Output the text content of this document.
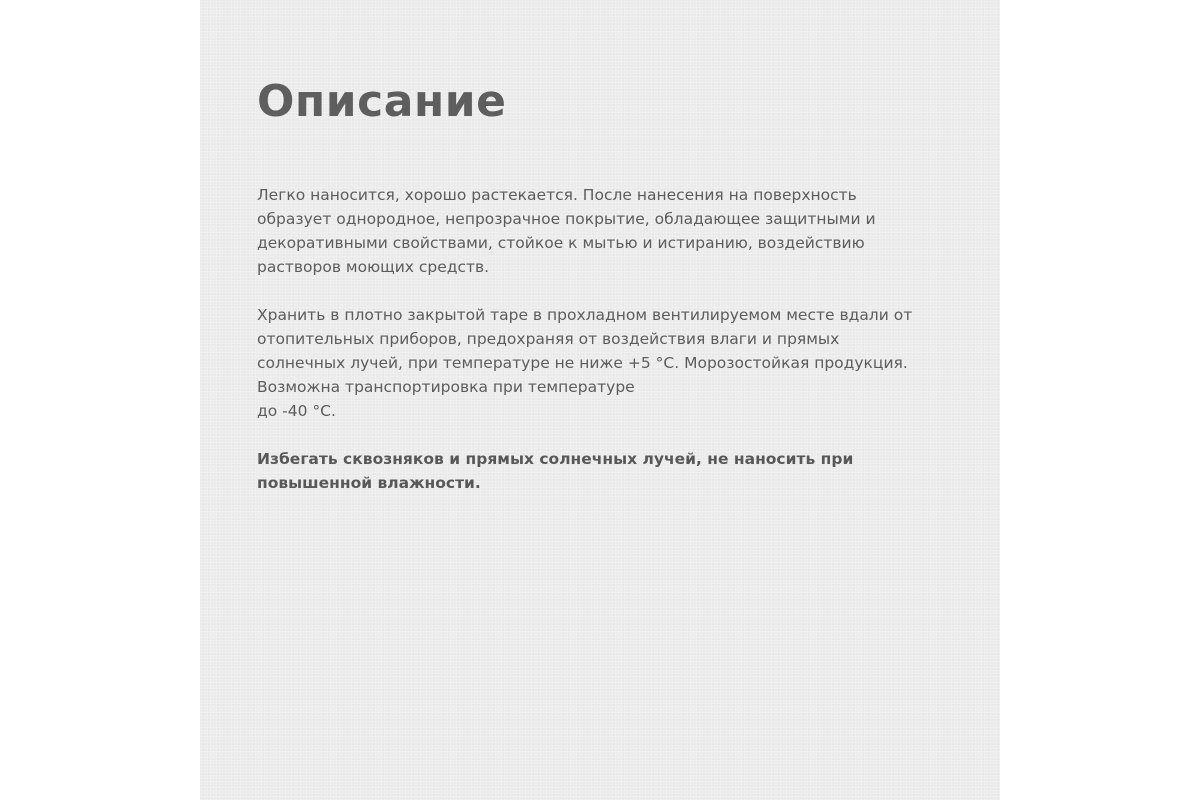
Описание

Легко наносится, хорошо растекается. После нанесения на поверхность
образует однородное, непрозрачное покрытие, обладающее защитными и
декоративными свойствами, стойкое к мытью и истиранию, воздействию
растворов моющих средств.

Хранить в плотно закрытой таре в прохладном вентилируемом месте вдали от
отопительных приборов, предохраняя от воздействия влаги и прямых
солнечных лучей, при температуре не ниже +5 °С. Морозостойкая продукция.
Возможна транспортировка при температуре
до -40 °С.

Избегать сквозняков и прямых солнечных лучей, не наносить при
повышенной влажности.
